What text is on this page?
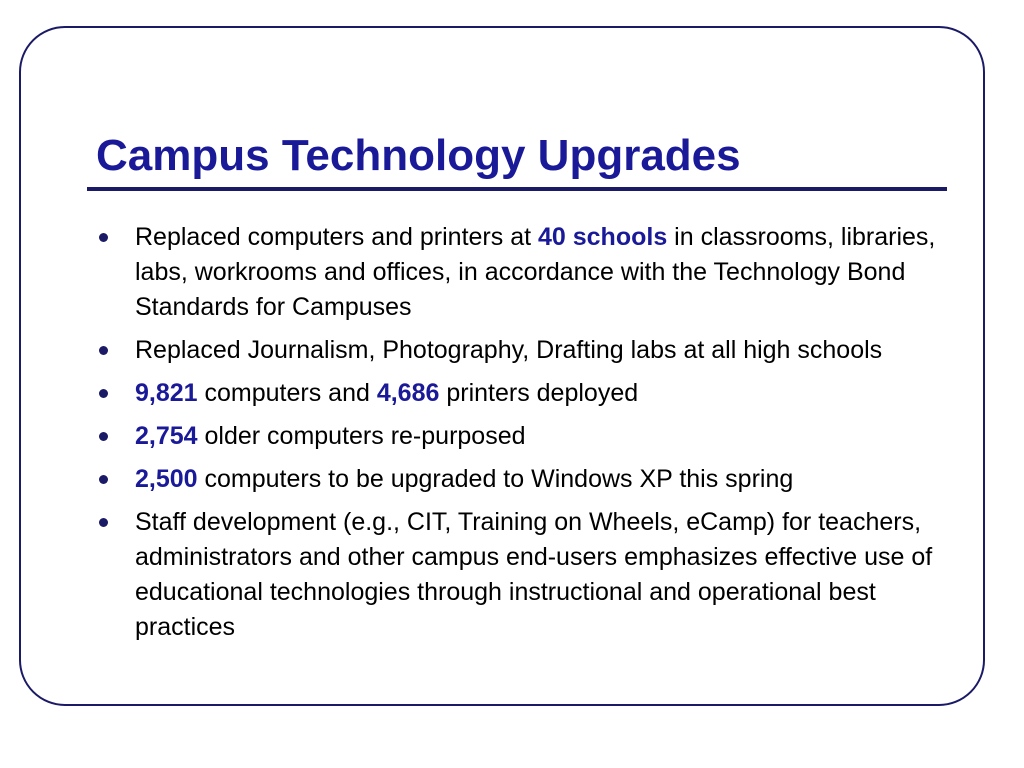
Campus Technology Upgrades
Replaced computers and printers at 40 schools in classrooms, libraries, labs, workrooms and offices, in accordance with the Technology Bond Standards for Campuses
Replaced Journalism, Photography, Drafting labs at all high schools
9,821 computers and 4,686 printers deployed
2,754 older computers re-purposed
2,500 computers to be upgraded to Windows XP this spring
Staff development (e.g., CIT, Training on Wheels, eCamp) for teachers, administrators and other campus end-users emphasizes effective use of educational technologies through instructional and operational best practices
